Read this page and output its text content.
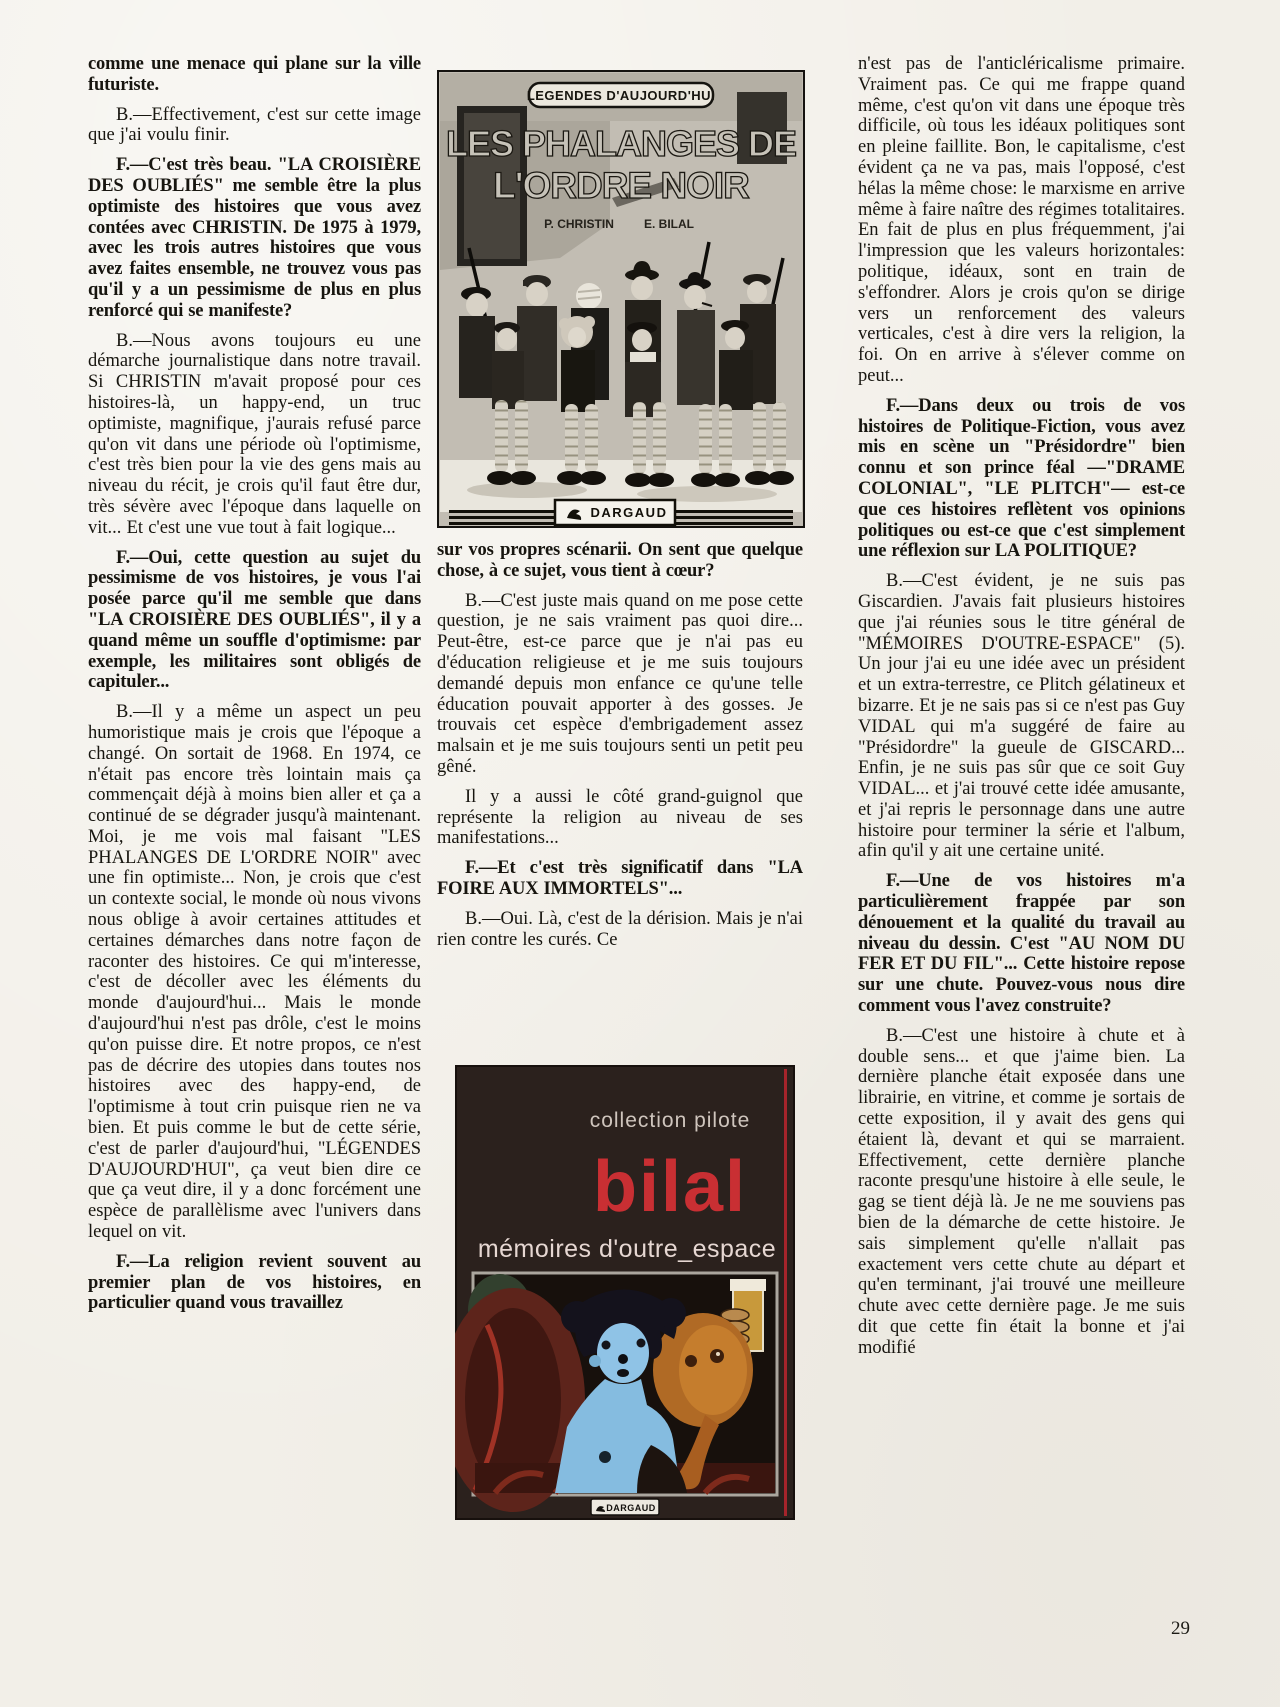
comme une menace qui plane sur la ville futuriste.

B.—Effectivement, c'est sur cette image que j'ai voulu finir.

F.—C'est très beau. "LA CROISIÈRE DES OUBLIÉS" me semble être la plus optimiste des histoires que vous avez contées avec CHRISTIN. De 1975 à 1979, avec les trois autres histoires que vous avez faites ensemble, ne trouvez vous pas qu'il y a un pessimisme de plus en plus renforcé qui se manifeste?

B.—Nous avons toujours eu une démarche journalistique dans notre travail. Si CHRISTIN m'avait proposé pour ces histoires-là, un happy-end, un truc optimiste, magnifique, j'aurais refusé parce qu'on vit dans une période où l'optimisme, c'est très bien pour la vie des gens mais au niveau du récit, je crois qu'il faut être dur, très sévère avec l'époque dans laquelle on vit... Et c'est une vue tout à fait logique...

F.—Oui, cette question au sujet du pessimisme de vos histoires, je vous l'ai posée parce qu'il me semble que dans "LA CROISIÈRE DES OUBLIÉS", il y a quand même un souffle d'optimisme: par exemple, les militaires sont obligés de capituler...

B.—Il y a même un aspect un peu humoristique mais je crois que l'époque a changé. On sortait de 1968. En 1974, ce n'était pas encore très lointain mais ça commençait déjà à moins bien aller et ça a continué de se dégrader jusqu'à maintenant. Moi, je me vois mal faisant "LES PHALANGES DE L'ORDRE NOIR" avec une fin optimiste... Non, je crois que c'est un contexte social, le monde où nous vivons nous oblige à avoir certaines attitudes et certaines démarches dans notre façon de raconter des histoires. Ce qui m'interesse, c'est de décoller avec les éléments du monde d'aujourd'hui... Mais le monde d'aujourd'hui n'est pas drôle, c'est le moins qu'on puisse dire. Et notre propos, ce n'est pas de décrire des utopies dans toutes nos histoires avec des happy-end, de l'optimisme à tout crin puisque rien ne va bien. Et puis comme le but de cette série, c'est de parler d'aujourd'hui, "LÉGENDES D'AUJOURD'HUI", ça veut bien dire ce que ça veut dire, il y a donc forcément une espèce de parallèlisme avec l'univers dans lequel on vit.

F.—La religion revient souvent au premier plan de vos histoires, en particulier quand vous travaillez

LEGENDES D'AUJOURD'HUI
LES PHALANGES DE
L'ORDRE NOIR
P. CHRISTIN	E. BILAL
DARGAUD

sur vos propres scénarii. On sent que quelque chose, à ce sujet, vous tient à cœur?

B.—C'est juste mais quand on me pose cette question, je ne sais vraiment pas quoi dire... Peut-être, est-ce parce que je n'ai pas eu d'éducation religieuse et je me suis toujours demandé depuis mon enfance ce qu'une telle éducation pouvait apporter à des gosses. Je trouvais cet espèce d'embrigadement assez malsain et je me suis toujours senti un petit peu gêné.

Il y a aussi le côté grand-guignol que représente la religion au niveau de ses manifestations...

F.—Et c'est très significatif dans "LA FOIRE AUX IMMORTELS"...

B.—Oui. Là, c'est de la dérision. Mais je n'ai rien contre les curés. Ce

collection pilote
bilal
mémoires d'outre_espace
DARGAUD

n'est pas de l'anticléricalisme primaire. Vraiment pas. Ce qui me frappe quand même, c'est qu'on vit dans une époque très difficile, où tous les idéaux politiques sont en pleine faillite. Bon, le capitalisme, c'est évident ça ne va pas, mais l'opposé, c'est hélas la même chose: le marxisme en arrive même à faire naître des régimes totalitaires. En fait de plus en plus fréquemment, j'ai l'impression que les valeurs horizontales: politique, idéaux, sont en train de s'effondrer. Alors je crois qu'on se dirige vers un renforcement des valeurs verticales, c'est à dire vers la religion, la foi. On en arrive à s'élever comme on peut...

F.—Dans deux ou trois de vos histoires de Politique-Fiction, vous avez mis en scène un "Présidordre" bien connu et son prince féal —"DRAME COLONIAL", "LE PLITCH"— est-ce que ces histoires reflètent vos opinions politiques ou est-ce que c'est simplement une réflexion sur LA POLITIQUE?

B.—C'est évident, je ne suis pas Giscardien. J'avais fait plusieurs histoires que j'ai réunies sous le titre général de "MÉMOIRES D'OUTRE-ESPACE" (5). Un jour j'ai eu une idée avec un président et un extra-terrestre, ce Plitch gélatineux et bizarre. Et je ne sais pas si ce n'est pas Guy VIDAL qui m'a suggéré de faire au "Présidordre" la gueule de GISCARD... Enfin, je ne suis pas sûr que ce soit Guy VIDAL... et j'ai trouvé cette idée amusante, et j'ai repris le personnage dans une autre histoire pour terminer la série et l'album, afin qu'il y ait une certaine unité.

F.—Une de vos histoires m'a particulièrement frappée par son dénouement et la qualité du travail au niveau du dessin. C'est "AU NOM DU FER ET DU FIL"... Cette histoire repose sur une chute. Pouvez-vous nous dire comment vous l'avez construite?

B.—C'est une histoire à chute et à double sens... et que j'aime bien. La dernière planche était exposée dans une librairie, en vitrine, et comme je sortais de cette exposition, il y avait des gens qui étaient là, devant et qui se marraient. Effectivement, cette dernière planche raconte presqu'une histoire à elle seule, le gag se tient déjà là. Je ne me souviens pas bien de la démarche de cette histoire. Je sais simplement qu'elle n'allait pas exactement vers cette chute au départ et qu'en terminant, j'ai trouvé une meilleure chute avec cette dernière page. Je me suis dit que cette fin était la bonne et j'ai modifié

29
